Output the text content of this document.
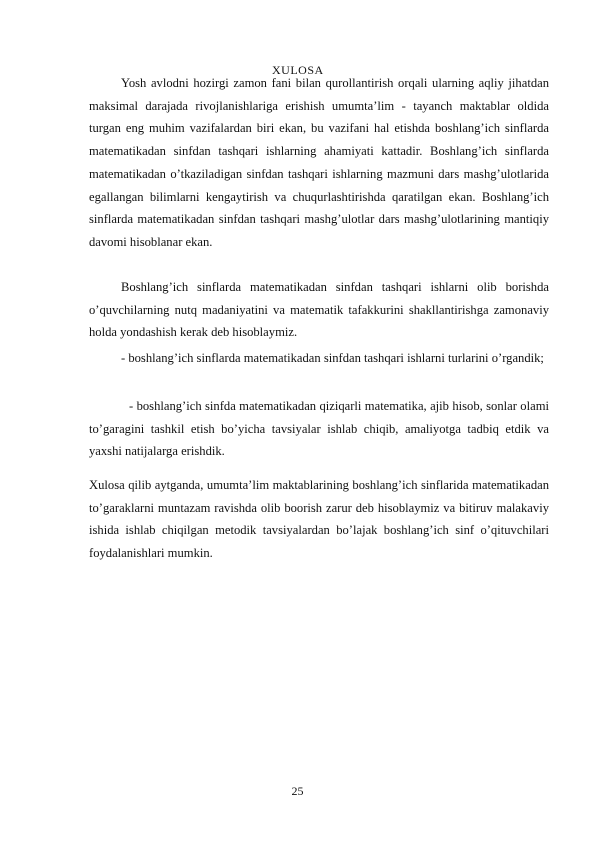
XULOSA

Yosh avlodni hozirgi zamon fani bilan qurollantirish orqali ularning aqliy jihatdan maksimal darajada rivojlanishlariga erishish umumta’lim - tayanch maktablar oldida turgan eng muhim vazifalardan biri ekan, bu vazifani hal etishda boshlang’ich sinflarda matematikadan sinfdan tashqari ishlarning ahamiyati kattadir. Boshlang’ich sinflarda matematikadan o’tkaziladigan sinfdan tashqari ishlarning mazmuni dars mashg’ulotlarida egallangan bilimlarni kengaytirish va chuqurlashtirishda qaratilgan ekan. Boshlang’ich sinflarda matematikadan sinfdan tashqari mashg’ulotlar dars mashg’ulotlarining mantiqiy davomi hisoblanar ekan.

Boshlang’ich sinflarda matematikadan sinfdan tashqari ishlarni olib borishda o’quvchilarning nutq madaniyatini va matematik tafakkurini shakllantirishga zamonaviy holda yondashish kerak deb hisoblaymiz.

- boshlang’ich sinflarda matematikadan sinfdan tashqari ishlarni turlarini o’rgandik;

- boshlang’ich sinfda matematikadan qiziqarli matematika, ajib hisob, sonlar olami to’garagini tashkil etish bo’yicha tavsiyalar ishlab chiqib, amaliyotga tadbiq etdik va yaxshi natijalarga erishdik.

Xulosa qilib aytganda, umumta’lim maktablarining boshlang’ich sinflarida matematikadan to’garaklarni muntazam ravishda olib boorish zarur deb hisoblaymiz va bitiruv malakaviy ishida ishlab chiqilgan metodik tavsiyalardan bo’lajak boshlang’ich sinf o’qituvchilari foydalanishlari mumkin.

25
